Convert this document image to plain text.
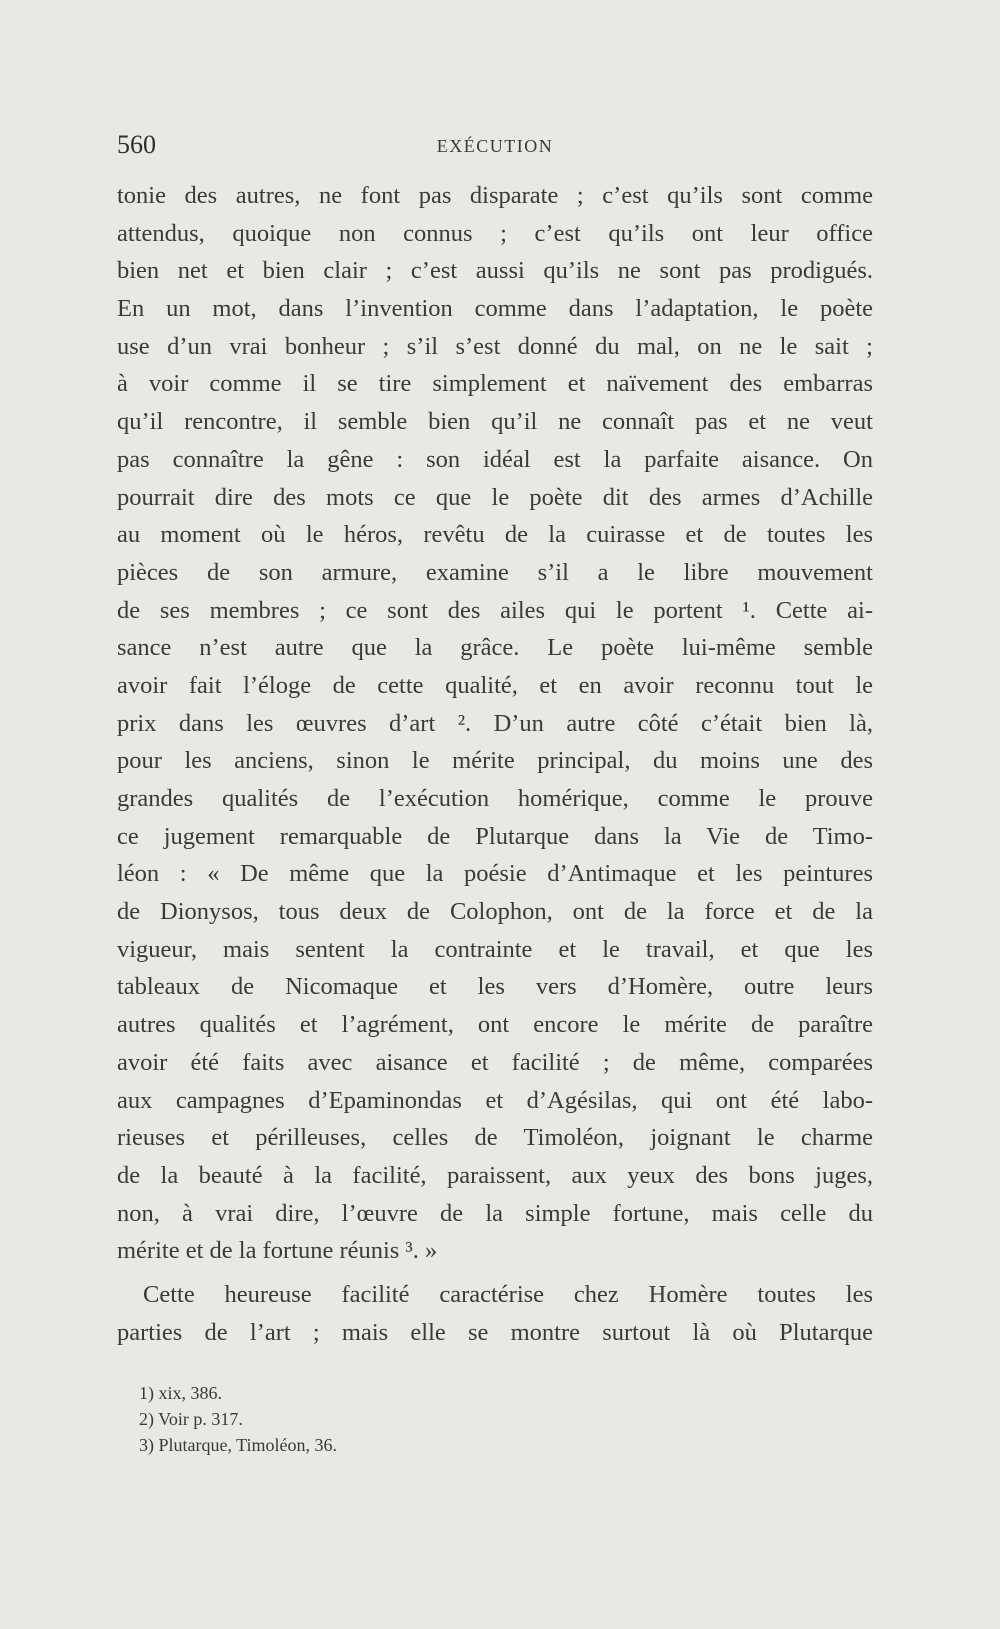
560	EXÉCUTION
tonie des autres, ne font pas disparate ; c’est qu’ils sont comme
attendus, quoique non connus ; c’est qu’ils ont leur office
bien net et bien clair ; c’est aussi qu’ils ne sont pas prodigués.
En un mot, dans l’invention comme dans l’adaptation, le poète
use d’un vrai bonheur ; s’il s’est donné du mal, on ne le sait ;
à voir comme il se tire simplement et naïvement des embarras
qu’il rencontre, il semble bien qu’il ne connaît pas et ne veut
pas connaître la gêne : son idéal est la parfaite aisance. On
pourrait dire des mots ce que le poète dit des armes d’Achille
au moment où le héros, revêtu de la cuirasse et de toutes les
pièces de son armure, examine s’il a le libre mouvement
de ses membres ; ce sont des ailes qui le portent ¹. Cette ai-
sance n’est autre que la grâce. Le poète lui-même semble
avoir fait l’éloge de cette qualité, et en avoir reconnu tout le
prix dans les œuvres d’art ². D’un autre côté c’était bien là,
pour les anciens, sinon le mérite principal, du moins une des
grandes qualités de l’exécution homérique, comme le prouve
ce jugement remarquable de Plutarque dans la Vie de Timo-
léon : « De même que la poésie d’Antimaque et les peintures
de Dionysos, tous deux de Colophon, ont de la force et de la
vigueur, mais sentent la contrainte et le travail, et que les
tableaux de Nicomaque et les vers d’Homère, outre leurs
autres qualités et l’agrément, ont encore le mérite de paraître
avoir été faits avec aisance et facilité ; de même, comparées
aux campagnes d’Epaminondas et d’Agésilas, qui ont été labo-
rieuses et périlleuses, celles de Timoléon, joignant le charme
de la beauté à la facilité, paraissent, aux yeux des bons juges,
non, à vrai dire, l’œuvre de la simple fortune, mais celle du
mérite et de la fortune réunis ³. »
Cette heureuse facilité caractérise chez Homère toutes les
parties de l’art ; mais elle se montre surtout là où Plutarque
1) xix, 386.
2) Voir p. 317.
3) Plutarque, Timoléon, 36.
